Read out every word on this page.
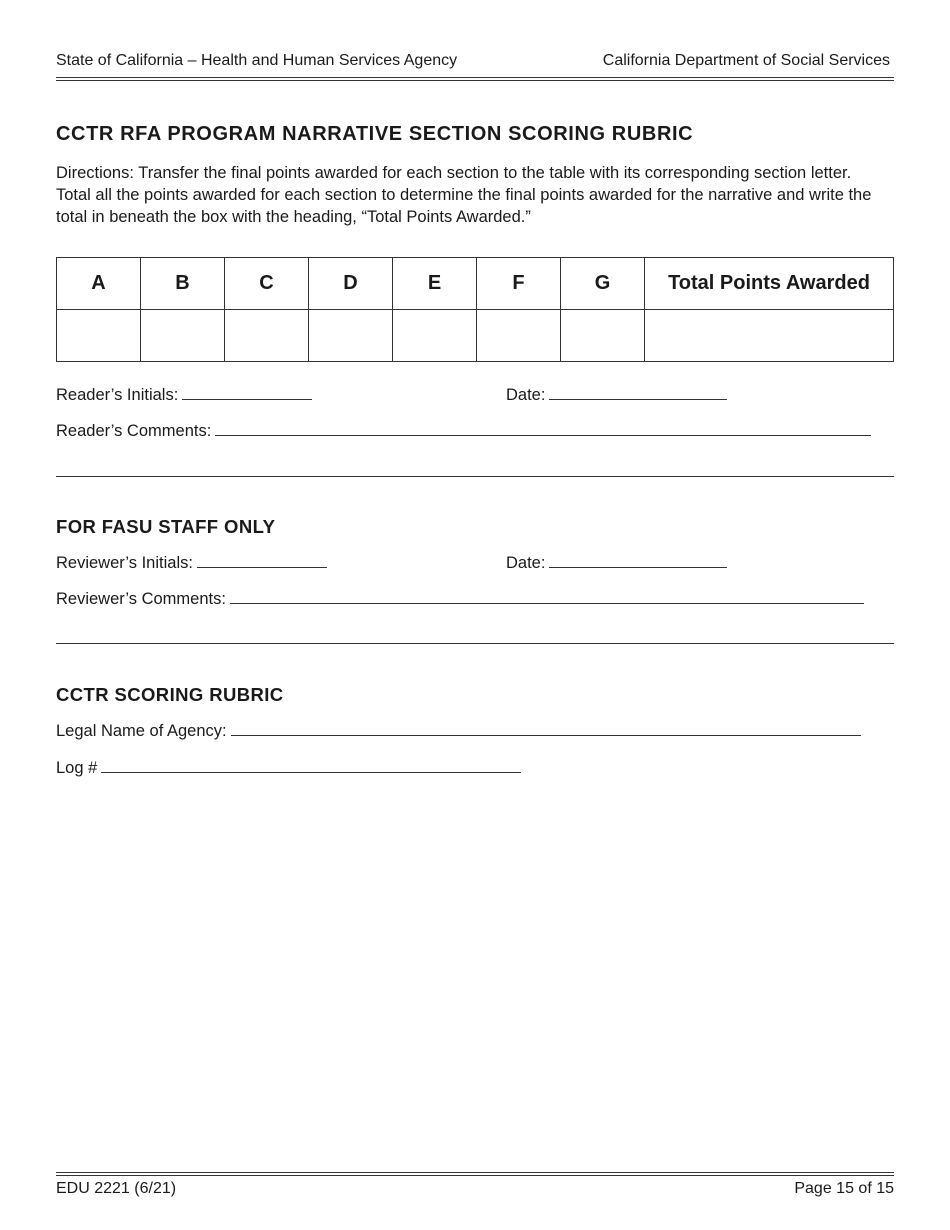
State of California – Health and Human Services Agency	California Department of Social Services
CCTR RFA PROGRAM NARRATIVE SECTION SCORING RUBRIC
Directions: Transfer the final points awarded for each section to the table with its corresponding section letter. Total all the points awarded for each section to determine the final points awarded for the narrative and write the total in beneath the box with the heading, “Total Points Awarded.”
A	B	C	D	E	F	G	Total Points Awarded

Reader’s Initials:	Date:
Reader’s Comments:
FOR FASU STAFF ONLY
Reviewer’s Initials:	Date:
Reviewer’s Comments:
CCTR SCORING RUBRIC
Legal Name of Agency:
Log #
EDU 2221 (6/21)	Page 15 of 15
